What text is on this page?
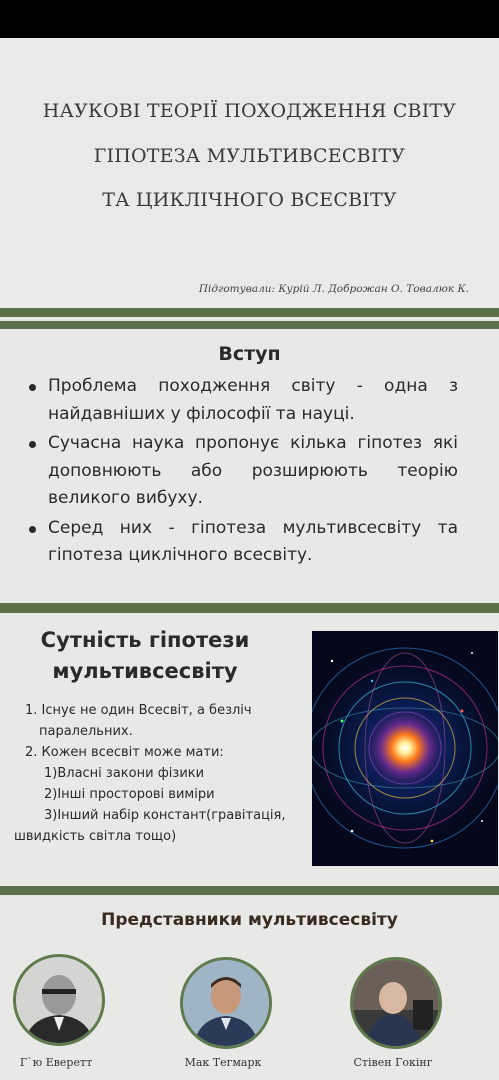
НАУКОВІ ТЕОРІЇ ПОХОДЖЕННЯ СВІТУ
ГІПОТЕЗА МУЛЬТИВСЕСВІТУ
ТА ЦИКЛІЧНОГО ВСЕСВІТУ
Підготували: Курій Л. Доброжан О. Товалюк К.
Вступ
Проблема походження світу - одна з найдавніших у філософії та науці.
Сучасна наука пропонує кілька гіпотез які доповнюють або розширюють теорію великого вибуху.
Серед них - гіпотеза мультивсесвіту та гіпотеза циклічного всесвіту.
Сутність гіпотези
мультивсесвіту
1. Існує не один Всесвіт, а безліч
паралельних.
2. Кожен всесвіт може мати:
1)Власні закони фізики
2)Інші просторові виміри
3)Інший набір констант(гравітація,
швидкість світла тощо)
Представники мультивсесвіту
Г`ю Еверетт	Мак Тегмарк	Стівен Гокінг
